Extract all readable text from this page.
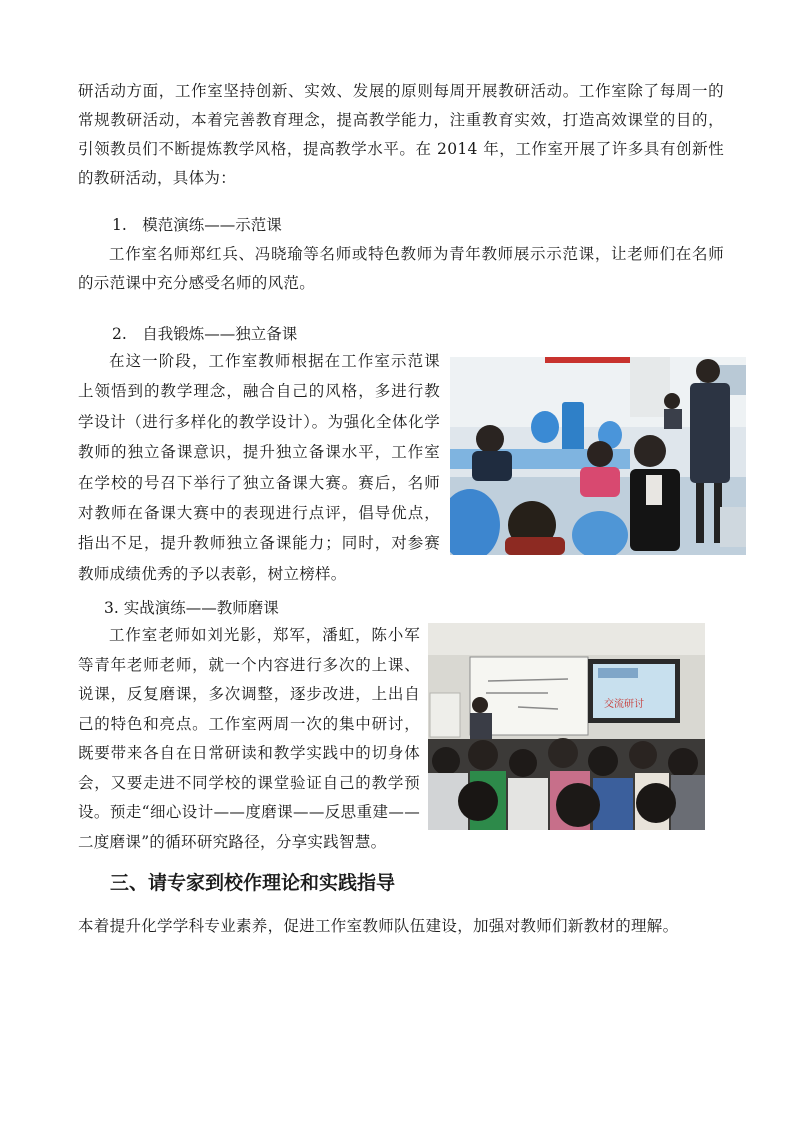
研活动方面，工作室坚持创新、实效、发展的原则每周开展教研活动。工作室除了每周一的常规教研活动，本着完善教育理念，提高教学能力，注重教育实效，打造高效课堂的目的，引领教员们不断提炼教学风格，提高教学水平。在 2014 年，工作室开展了许多具有创新性的教研活动，具体为：

1.　模范演练——示范课

工作室名师郑红兵、冯晓瑜等名师或特色教师为青年教师展示示范课，让老师们在名师的示范课中充分感受名师的风范。

2.　自我锻炼——独立备课

在这一阶段，工作室教师根据在工作室示范课上领悟到的教学理念，融合自己的风格，多进行教学设计（进行多样化的教学设计）。为强化全体化学教师的独立备课意识，提升独立备课水平，工作室在学校的号召下举行了独立备课大赛。赛后，名师对教师在备课大赛中的表现进行点评，倡导优点，指出不足，提升教师独立备课能力；同时，对参赛教师成绩优秀的予以表彰，树立榜样。

3. 实战演练——教师磨课

工作室老师如刘光影，郑军，潘虹，陈小军等青年老师老师，就一个内容进行多次的上课、说课，反复磨课，多次调整，逐步改进，上出自己的特色和亮点。工作室两周一次的集中研讨，既要带来各自在日常研读和教学实践中的切身体会，又要走进不同学校的课堂验证自己的教学预设。预走“细心设计——度磨课——反思重建——二度磨课”的循环研究路径，分享实践智慧。

交流研讨

三、请专家到校作理论和实践指导

本着提升化学学科专业素养，促进工作室教师队伍建设，加强对教师们新教材的理解。
